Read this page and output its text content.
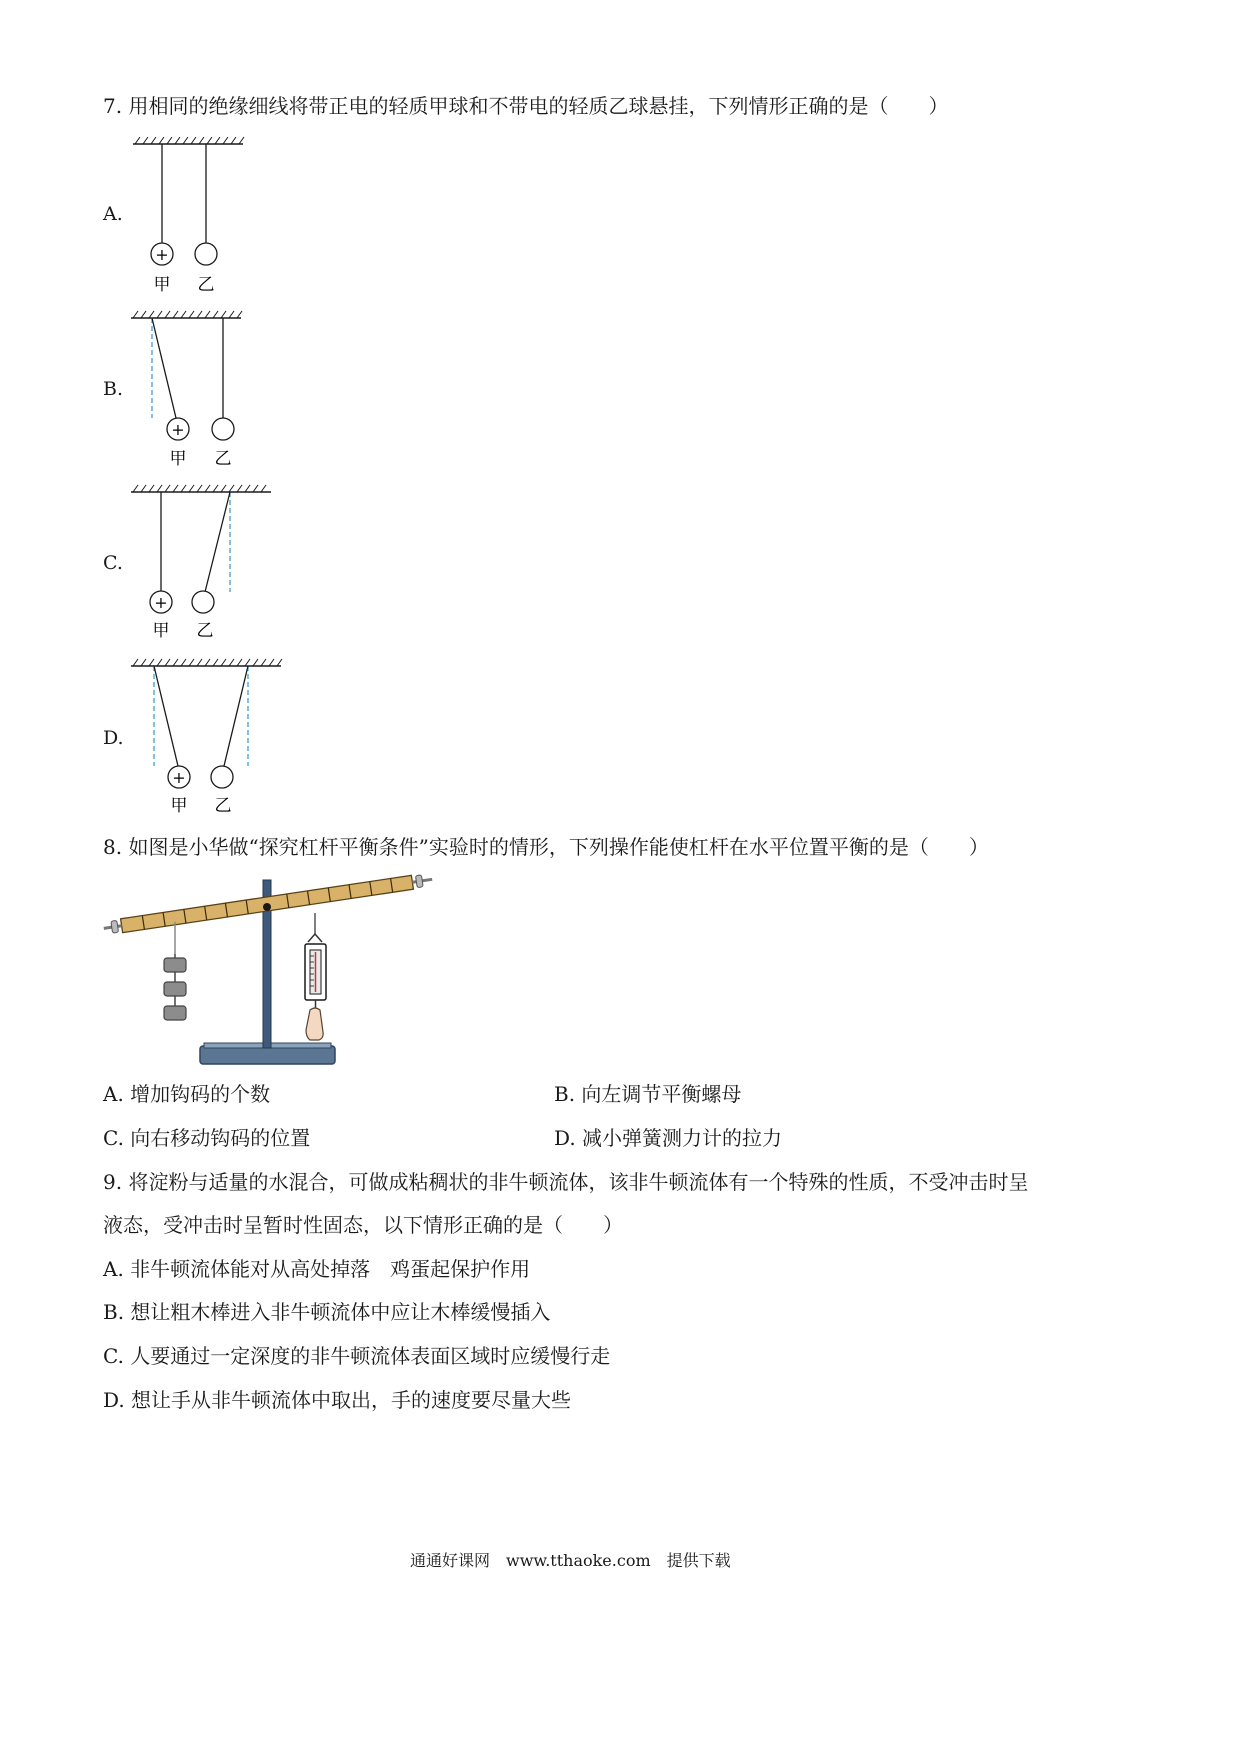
7. 用相同的绝缘细线将带正电的轻质甲球和不带电的轻质乙球悬挂，下列情形正确的是（　　）
A.
+
甲 乙
B.
+
甲 乙
C.
+
甲 乙
D.
+
甲 乙
8. 如图是小华做“探究杠杆平衡条件”实验时的情形，下列操作能使杠杆在水平位置平衡的是（　　）
A. 增加钩码的个数	B. 向左调节平衡螺母
C. 向右移动钩码的位置	D. 减小弹簧测力计的拉力
9. 将淀粉与适量的水混合，可做成粘稠状的非牛顿流体，该非牛顿流体有一个特殊的性质，不受冲击时呈
液态，受冲击时呈暂时性固态，以下情形正确的是（　　）
A. 非牛顿流体能对从高处掉落　鸡蛋起保护作用
B. 想让粗木棒进入非牛顿流体中应让木棒缓慢插入
C. 人要通过一定深度的非牛顿流体表面区域时应缓慢行走
D. 想让手从非牛顿流体中取出，手的速度要尽量大些
通通好课网　www.tthaoke.com　提供下载
